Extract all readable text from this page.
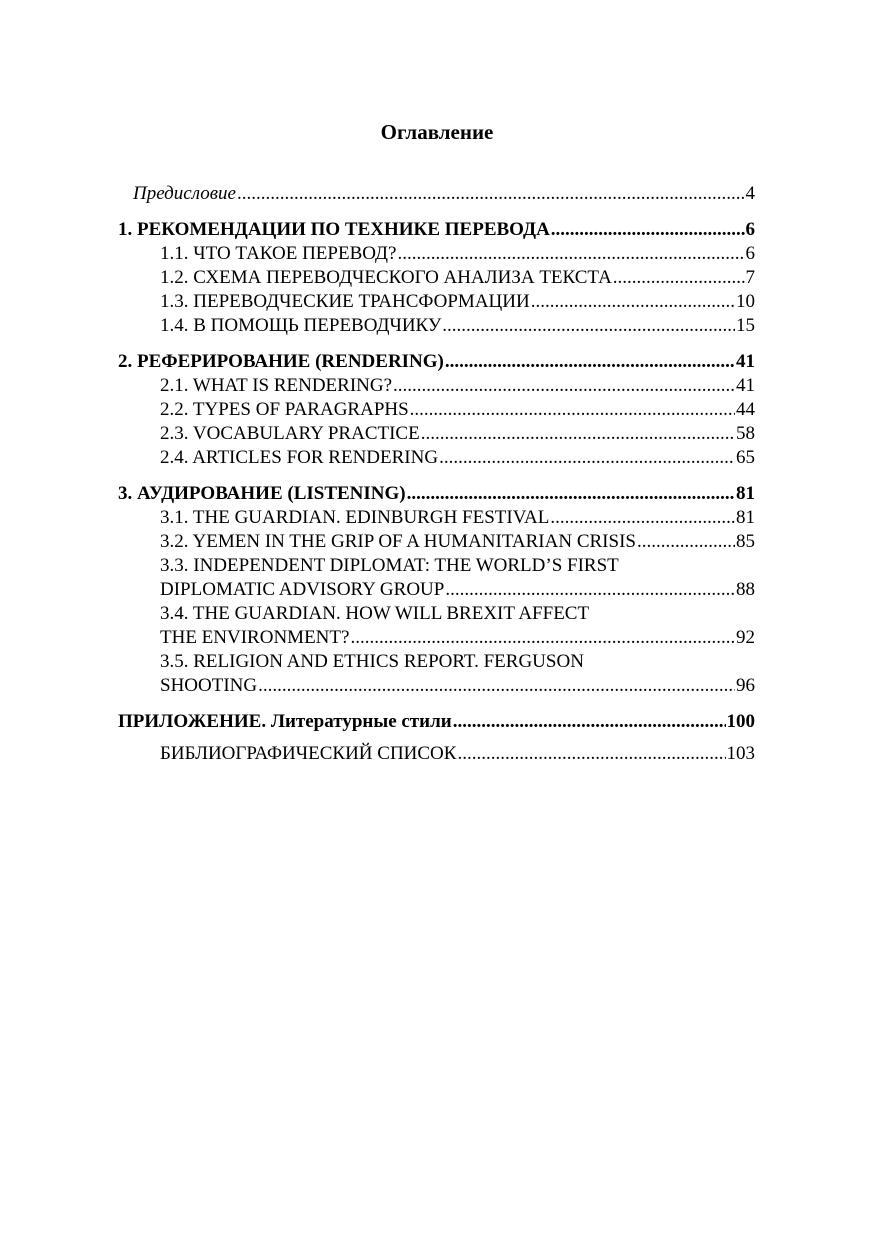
Оглавление
Предисловие .....	4
1. РЕКОМЕНДАЦИИ ПО ТЕХНИКЕ ПЕРЕВОДА .....	6
1.1. ЧТО ТАКОЕ ПЕРЕВОД? .....	6
1.2. СХЕМА ПЕРЕВОДЧЕСКОГО АНАЛИЗА ТЕКСТА .....	7
1.3. ПЕРЕВОДЧЕСКИЕ ТРАНСФОРМАЦИИ .....	10
1.4. В ПОМОЩЬ ПЕРЕВОДЧИКУ .....	15
2. РЕФЕРИРОВАНИЕ (RENDERING) .....	41
2.1. WHAT IS RENDERING? .....	41
2.2. TYPES OF PARAGRAPHS .....	44
2.3. VOCABULARY PRACTICE .....	58
2.4. ARTICLES FOR RENDERING .....	65
3. АУДИРОВАНИЕ (LISTENING) .....	81
3.1. THE GUARDIAN. EDINBURGH FESTIVAL .....	81
3.2. YEMEN IN THE GRIP OF A HUMANITARIAN CRISIS .....	85
3.3. INDEPENDENT DIPLOMAT: THE WORLD’S FIRST
DIPLOMATIC ADVISORY GROUP .....	88
3.4. THE GUARDIAN. HOW WILL BREXIT AFFECT
THE ENVIRONMENT? .....	92
3.5. RELIGION AND ETHICS REPORT. FERGUSON
SHOOTING .....	96
ПРИЛОЖЕНИЕ. Литературные стили .....	100
БИБЛИОГРАФИЧЕСКИЙ СПИСОК .....	103
